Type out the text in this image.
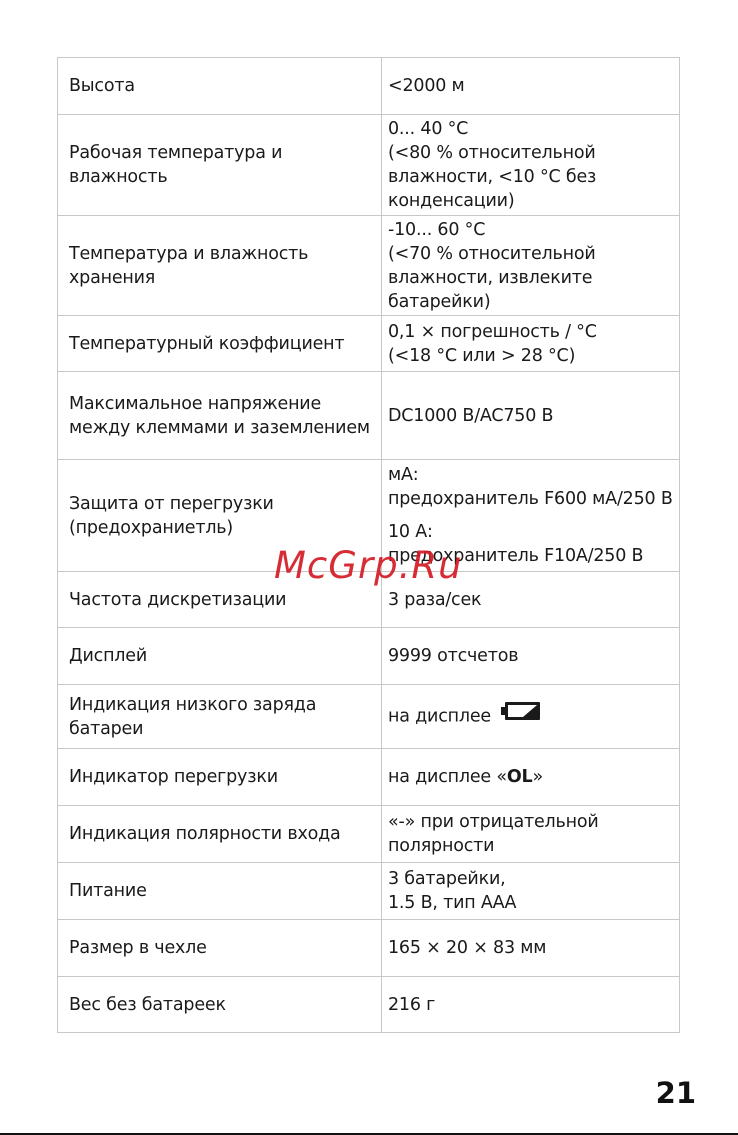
Высота	<2000 м
Рабочая температура и влажность	0... 40 °C
(<80 % относительной
влажности, <10 °C без
конденсации)

Температура и влажность хранения	-10... 60 °C
(<70 % относительной
влажности, извлеките
батарейки)

Температурный коэффициент	0,1 × погрешность / °C
(<18 °C или > 28 °C)

Максимальное напряжение между клеммами и заземлением	DC1000 В/AC750 В
Защита от перегрузки (предохраниетль)	мА:
предохранитель F600 мА/250 В
10 А:
предохранитель F10A/250 В

Частота дискретизации	3 раза/сек
Дисплей	9999 отсчетов
Индикация низкого заряда батареи	на дисплее
Индикатор перегрузки	на дисплее «OL»
Индикация полярности входа	«-» при отрицательной
полярности

Питание	3 батарейки,
1.5 В, тип ААА

Размер в чехле	165 × 20 × 83 мм
Вес без батареек	216 г
McGrp.Ru
21
